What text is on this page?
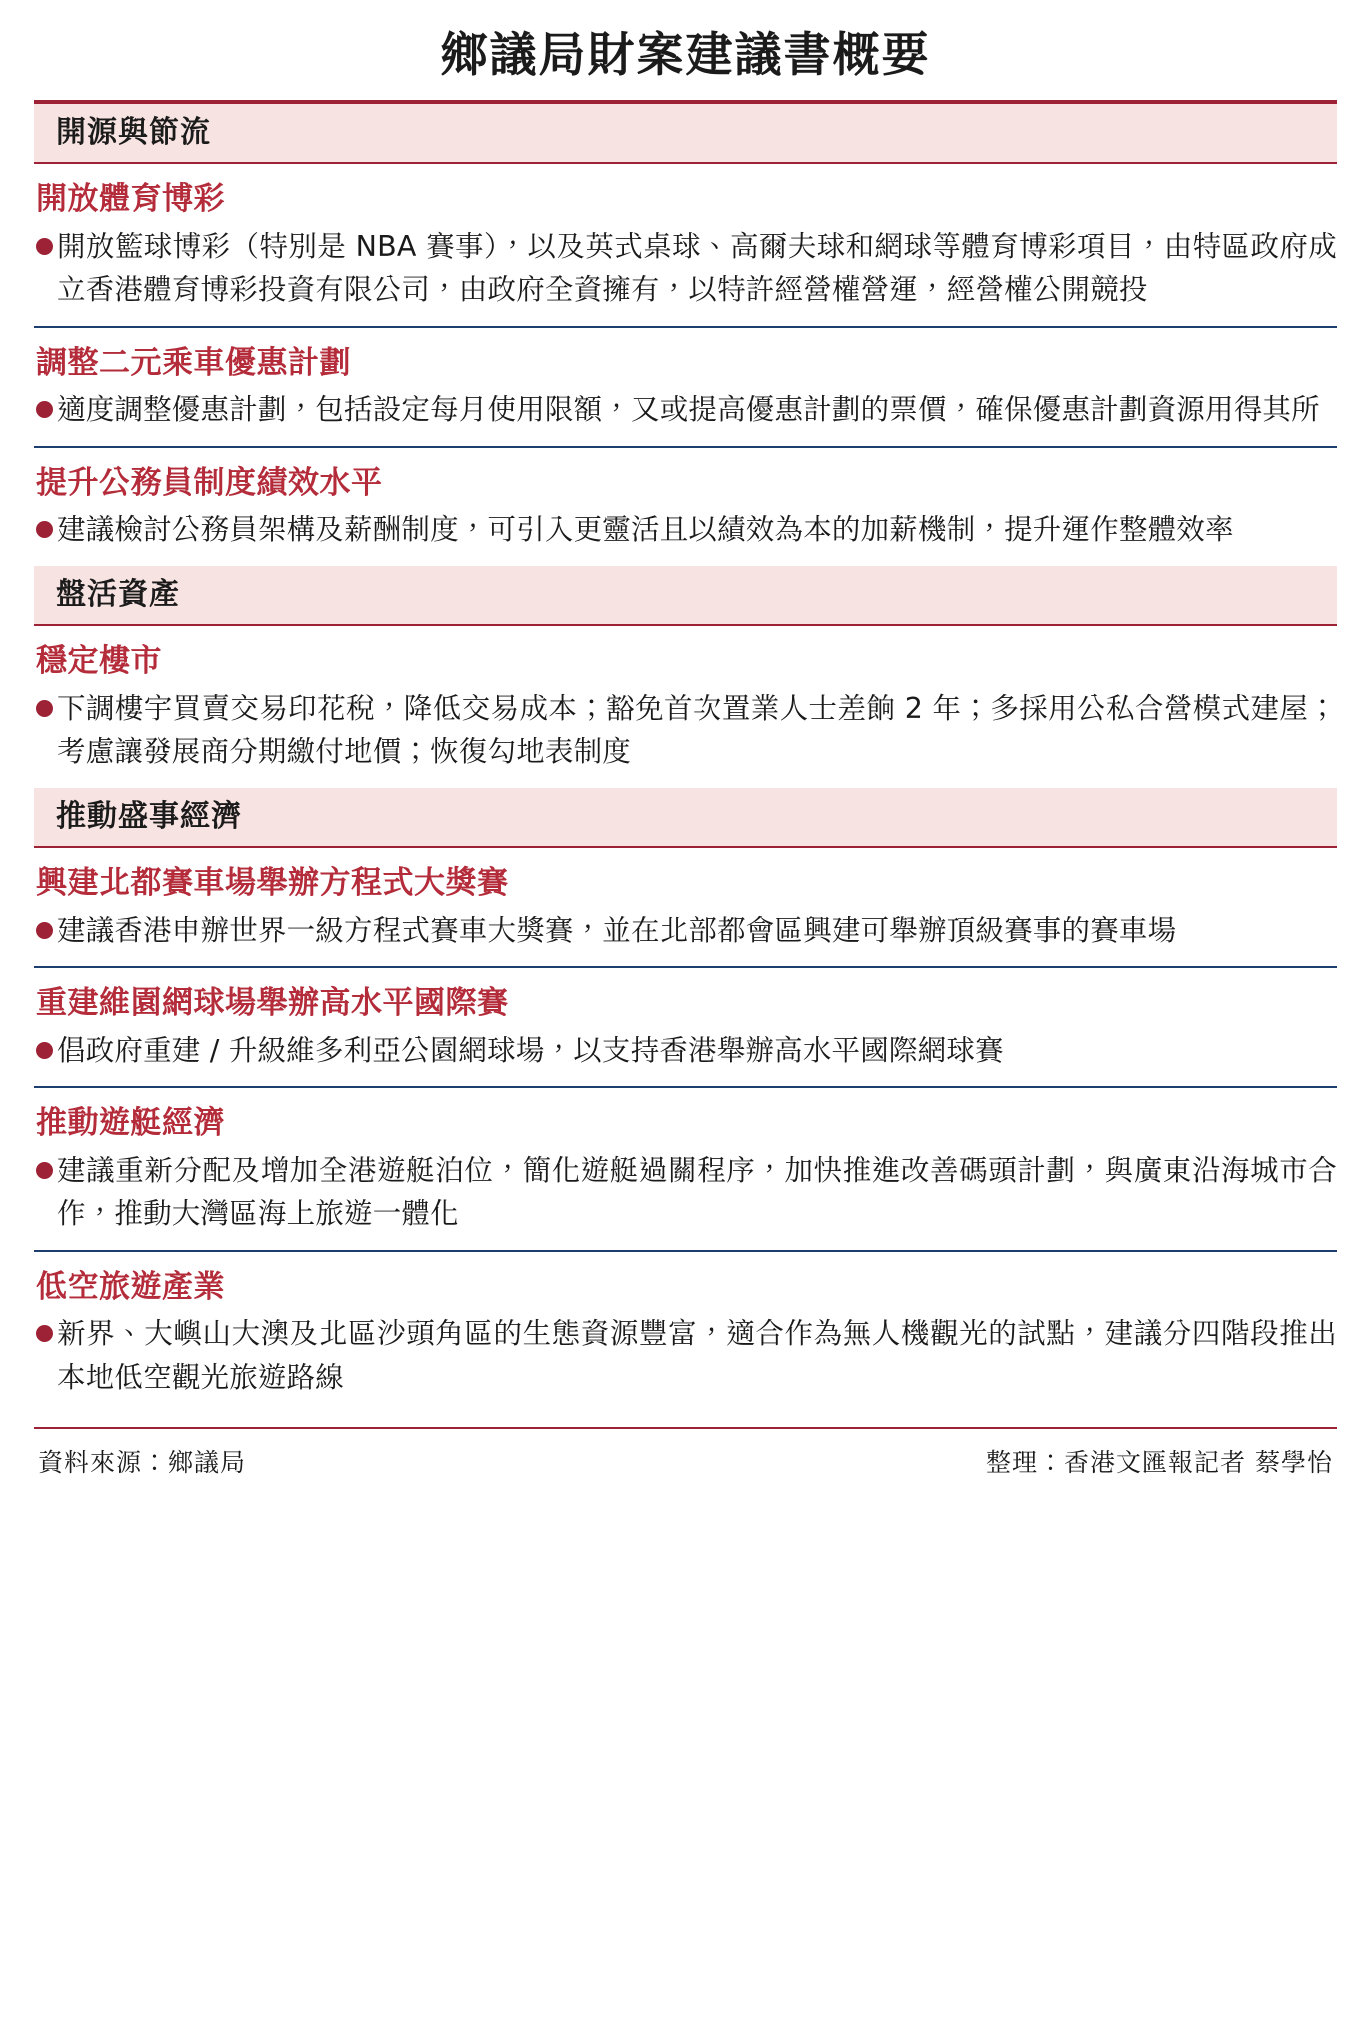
鄉議局財案建議書概要
開源與節流
開放體育博彩
開放籃球博彩（特別是 NBA 賽事），以及英式桌球、高爾夫球和網球等體育博彩項目，由特區政府成立香港體育博彩投資有限公司，由政府全資擁有，以特許經營權營運，經營權公開競投
調整二元乘車優惠計劃
適度調整優惠計劃，包括設定每月使用限額，又或提高優惠計劃的票價，確保優惠計劃資源用得其所
提升公務員制度績效水平
建議檢討公務員架構及薪酬制度，可引入更靈活且以績效為本的加薪機制，提升運作整體效率
盤活資產
穩定樓市
下調樓宇買賣交易印花稅，降低交易成本；豁免首次置業人士差餉 2 年；多採用公私合營模式建屋；考慮讓發展商分期繳付地價；恢復勾地表制度
推動盛事經濟
興建北都賽車場舉辦方程式大獎賽
建議香港申辦世界一級方程式賽車大獎賽，並在北部都會區興建可舉辦頂級賽事的賽車場
重建維園網球場舉辦高水平國際賽
倡政府重建 / 升級維多利亞公園網球場，以支持香港舉辦高水平國際網球賽
推動遊艇經濟
建議重新分配及增加全港遊艇泊位，簡化遊艇過關程序，加快推進改善碼頭計劃，與廣東沿海城市合作，推動大灣區海上旅遊一體化
低空旅遊產業
新界、大嶼山大澳及北區沙頭角區的生態資源豐富，適合作為無人機觀光的試點，建議分四階段推出本地低空觀光旅遊路線
資料來源：鄉議局	整理：香港文匯報記者 蔡學怡
